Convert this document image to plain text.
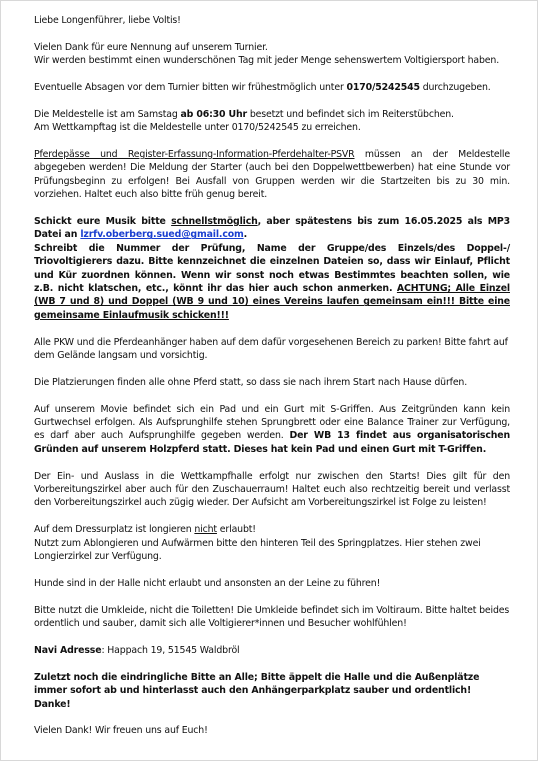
Liebe Longenführer, liebe Voltis!

Vielen Dank für eure Nennung auf unserem Turnier.
Wir werden bestimmt einen wunderschönen Tag mit jeder Menge sehenswertem Voltigiersport haben.

Eventuelle Absagen vor dem Turnier bitten wir frühestmöglich unter 0170/5242545 durchzugeben.

Die Meldestelle ist am Samstag ab 06:30 Uhr besetzt und befindet sich im Reiterstübchen.
Am Wettkampftag ist die Meldestelle unter 0170/5242545 zu erreichen.

Pferdepässe und Register-Erfassung-Information-Pferdehalter-PSVR müssen an der Meldestelle abgegeben werden! Die Meldung der Starter (auch bei den Doppelwettbewerben) hat eine Stunde vor Prüfungsbeginn zu erfolgen! Bei Ausfall von Gruppen werden wir die Startzeiten bis zu 30 min. vorziehen. Haltet euch also bitte früh genug bereit.

Schickt eure Musik bitte schnellstmöglich, aber spätestens bis zum 16.05.2025 als MP3 Datei an lzrfv.oberberg.sued@gmail.com.
Schreibt die Nummer der Prüfung, Name der Gruppe/des Einzels/des Doppel-/ Triovoltigierers dazu. Bitte kennzeichnet die einzelnen Dateien so, dass wir Einlauf, Pflicht und Kür zuordnen können. Wenn wir sonst noch etwas Bestimmtes beachten sollen, wie z.B. nicht klatschen, etc., könnt ihr das hier auch schon anmerken. ACHTUNG; Alle Einzel (WB 7 und 8) und Doppel (WB 9 und 10) eines Vereins laufen gemeinsam ein!!! Bitte eine gemeinsame Einlaufmusik schicken!!!

Alle PKW und die Pferdeanhänger haben auf dem dafür vorgesehenen Bereich zu parken! Bitte fahrt auf dem Gelände langsam und vorsichtig.

Die Platzierungen finden alle ohne Pferd statt, so dass sie nach ihrem Start nach Hause dürfen.

Auf unserem Movie befindet sich ein Pad und ein Gurt mit S-Griffen. Aus Zeitgründen kann kein Gurtwechsel erfolgen. Als Aufsprunghilfe stehen Sprungbrett oder eine Balance Trainer zur Verfügung, es darf aber auch Aufsprunghilfe gegeben werden. Der WB 13 findet aus organisatorischen Gründen auf unserem Holzpferd statt. Dieses hat kein Pad und einen Gurt mit T-Griffen.

Der Ein- und Auslass in die Wettkampfhalle erfolgt nur zwischen den Starts! Dies gilt für den Vorbereitungszirkel aber auch für den Zuschauerraum! Haltet euch also rechtzeitig bereit und verlasst den Vorbereitungszirkel auch zügig wieder. Der Aufsicht am Vorbereitungszirkel ist Folge zu leisten!

Auf dem Dressurplatz ist longieren nicht erlaubt!
Nutzt zum Ablongieren und Aufwärmen bitte den hinteren Teil des Springplatzes. Hier stehen zwei Longierzirkel zur Verfügung.

Hunde sind in der Halle nicht erlaubt und ansonsten an der Leine zu führen!

Bitte nutzt die Umkleide, nicht die Toiletten! Die Umkleide befindet sich im Voltiraum. Bitte haltet beides ordentlich und sauber, damit sich alle Voltigierer*innen und Besucher wohlfühlen!

Navi Adresse: Happach 19, 51545 Waldbröl

Zuletzt noch die eindringliche Bitte an Alle; Bitte äppelt die Halle und die Außenplätze immer sofort ab und hinterlasst auch den Anhängerparkplatz sauber und ordentlich! Danke!

Vielen Dank! Wir freuen uns auf Euch!
